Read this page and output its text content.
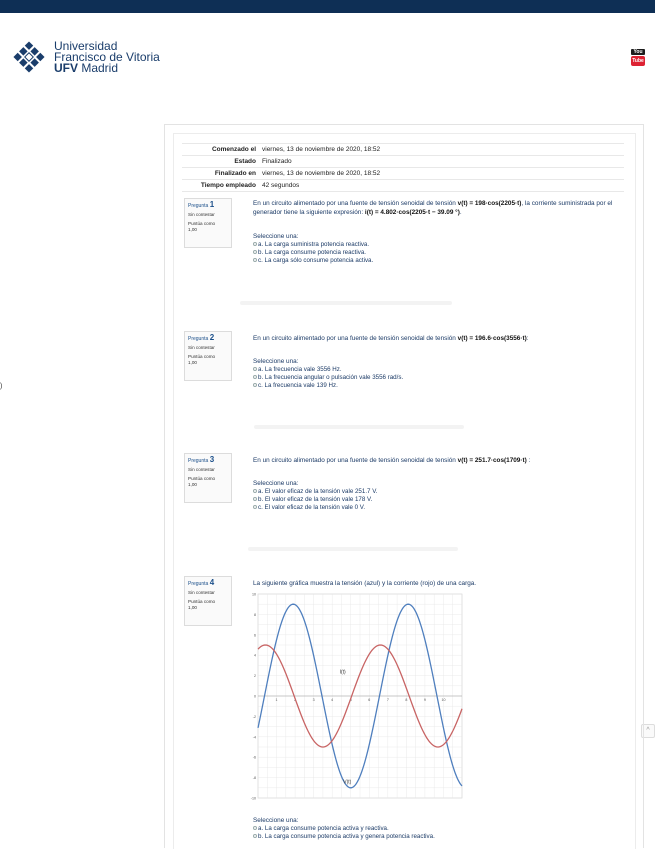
Universidad
Francisco de Vitoria
UFV Madrid
You
Tube
)
^
Comenzado el	viernes, 13 de noviembre de 2020, 18:52
Estado	Finalizado
Finalizado en	viernes, 13 de noviembre de 2020, 18:52
Tiempo empleado	42 segundos
Pregunta 1
Sin contestar
Puntúa como
1,00
En un circuito alimentado por una fuente de tensión senoidal de tensión v(t) = 198·cos(2205·t), la corriente suministrada por el generador tiene la siguiente expresión: i(t) = 4.802·cos(2205·t − 39.09 °).
Seleccione una:
a. La carga suministra potencia reactiva.
b. La carga consume potencia reactiva.
c. La carga sólo consume potencia activa.
Pregunta 2
Sin contestar
Puntúa como
1,00
En un circuito alimentado por una fuente de tensión senoidal de tensión v(t) = 196.6·cos(3556·t):
Seleccione una:
a. La frecuencia vale 3556 Hz.
b. La frecuencia angular o pulsación vale 3556 rad/s.
c. La frecuencia vale 139 Hz.
Pregunta 3
Sin contestar
Puntúa como
1,00
En un circuito alimentado por una fuente de tensión senoidal de tensión v(t) = 251.7·cos(1709·t) :
Seleccione una:
a. El valor eficaz de la tensión vale 251.7 V.
b. El valor eficaz de la tensión vale 178 V.
c. El valor eficaz de la tensión vale 0 V.
Pregunta 4
Sin contestar
Puntúa como
1,00
La siguiente gráfica muestra la tensión (azul) y la corriente (rojo) de una carga.
10
8
6
4
2
0
-2
-4
-6
-8
-10
1	2	3	4	5	6	7	8	9	10
I(t)
V(t)
Seleccione una:
a. La carga consume potencia activa y reactiva.
b. La carga consume potencia activa y genera potencia reactiva.
